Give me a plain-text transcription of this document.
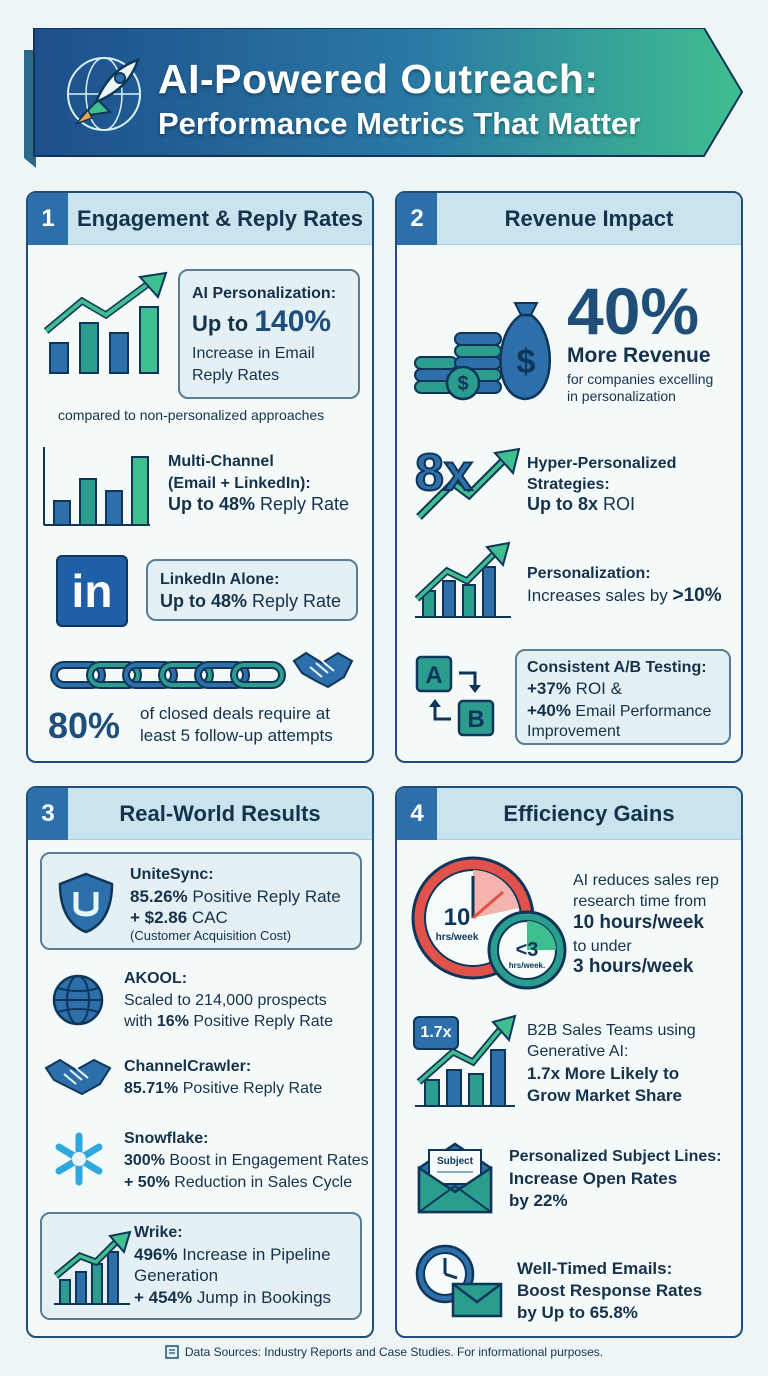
AI-Powered Outreach:
Performance Metrics That Matter
1	Engagement & Reply Rates
AI Personalization:
Up to 140%
Increase in Email
Reply Rates
compared to non-personalized approaches
Multi-Channel
(Email + LinkedIn):
Up to 48% Reply Rate
in	LinkedIn Alone:
Up to 48% Reply Rate
80% of closed deals require at
least 5 follow-up attempts
2	Revenue Impact
$
$
40%
More Revenue
for companies excelling
in personalization
8x	Hyper-Personalized
Strategies:
Up to 8x ROI
Personalization:
Increases sales by >10%
A
B
Consistent A/B Testing:
+37% ROI &
+40% Email Performance
Improvement
3	Real-World Results
UniteSync:
85.26% Positive Reply Rate
+ $2.86 CAC
(Customer Acquisition Cost)
AKOOL:
Scaled to 214,000 prospects
with 16% Positive Reply Rate
ChannelCrawler:
85.71% Positive Reply Rate
Snowflake:
300% Boost in Engagement Rates
+ 50% Reduction in Sales Cycle
Wrike:
496% Increase in Pipeline
Generation
+ 454% Jump in Bookings
4	Efficiency Gains
10
hrs/week
<3
hrs/week.
AI reduces sales rep
research time from
10 hours/week
to under
3 hours/week
1.7x	B2B Sales Teams using
Generative AI:
1.7x More Likely to
Grow Market Share
Subject Personalized Subject Lines:
Increase Open Rates
by 22%
Well-Timed Emails:
Boost Response Rates
by Up to 65.8%
Data Sources: Industry Reports and Case Studies. For informational purposes.
